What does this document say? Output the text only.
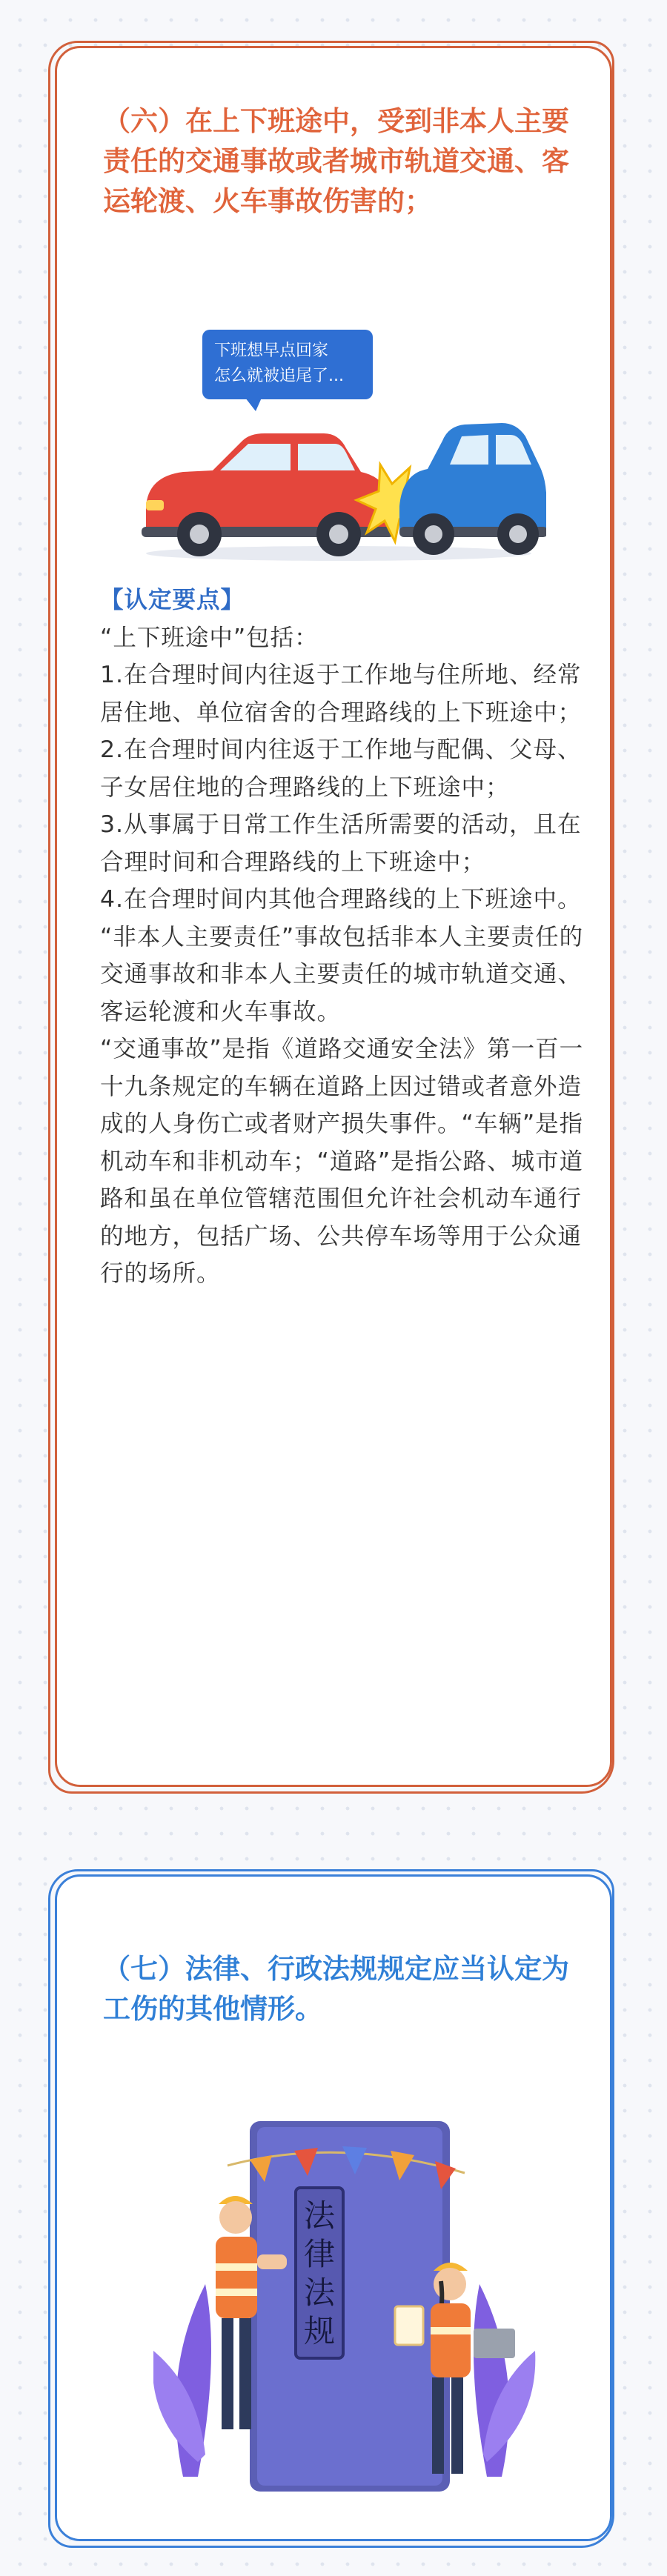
（六）在上下班途中，受到非本人主要责任的交通事故或者城市轨道交通、客运轮渡、火车事故伤害的；
下班想早点回家
怎么就被追尾了...

【认定要点】

“上下班途中”包括：

1.在合理时间内往返于工作地与住所地、经常居住地、单位宿舍的合理路线的上下班途中；

2.在合理时间内往返于工作地与配偶、父母、子女居住地的合理路线的上下班途中；

3.从事属于日常工作生活所需要的活动，且在合理时间和合理路线的上下班途中；

4.在合理时间内其他合理路线的上下班途中。

“非本人主要责任”事故包括非本人主要责任的交通事故和非本人主要责任的城市轨道交通、客运轮渡和火车事故。

“交通事故”是指《道路交通安全法》第一百一十九条规定的车辆在道路上因过错或者意外造成的人身伤亡或者财产损失事件。“车辆”是指机动车和非机动车；“道路”是指公路、城市道路和虽在单位管辖范围但允许社会机动车通行的地方，包括广场、公共停车场等用于公众通行的场所。

（七）法律、行政法规规定应当认定为工伤的其他情形。
法
律
法
规
